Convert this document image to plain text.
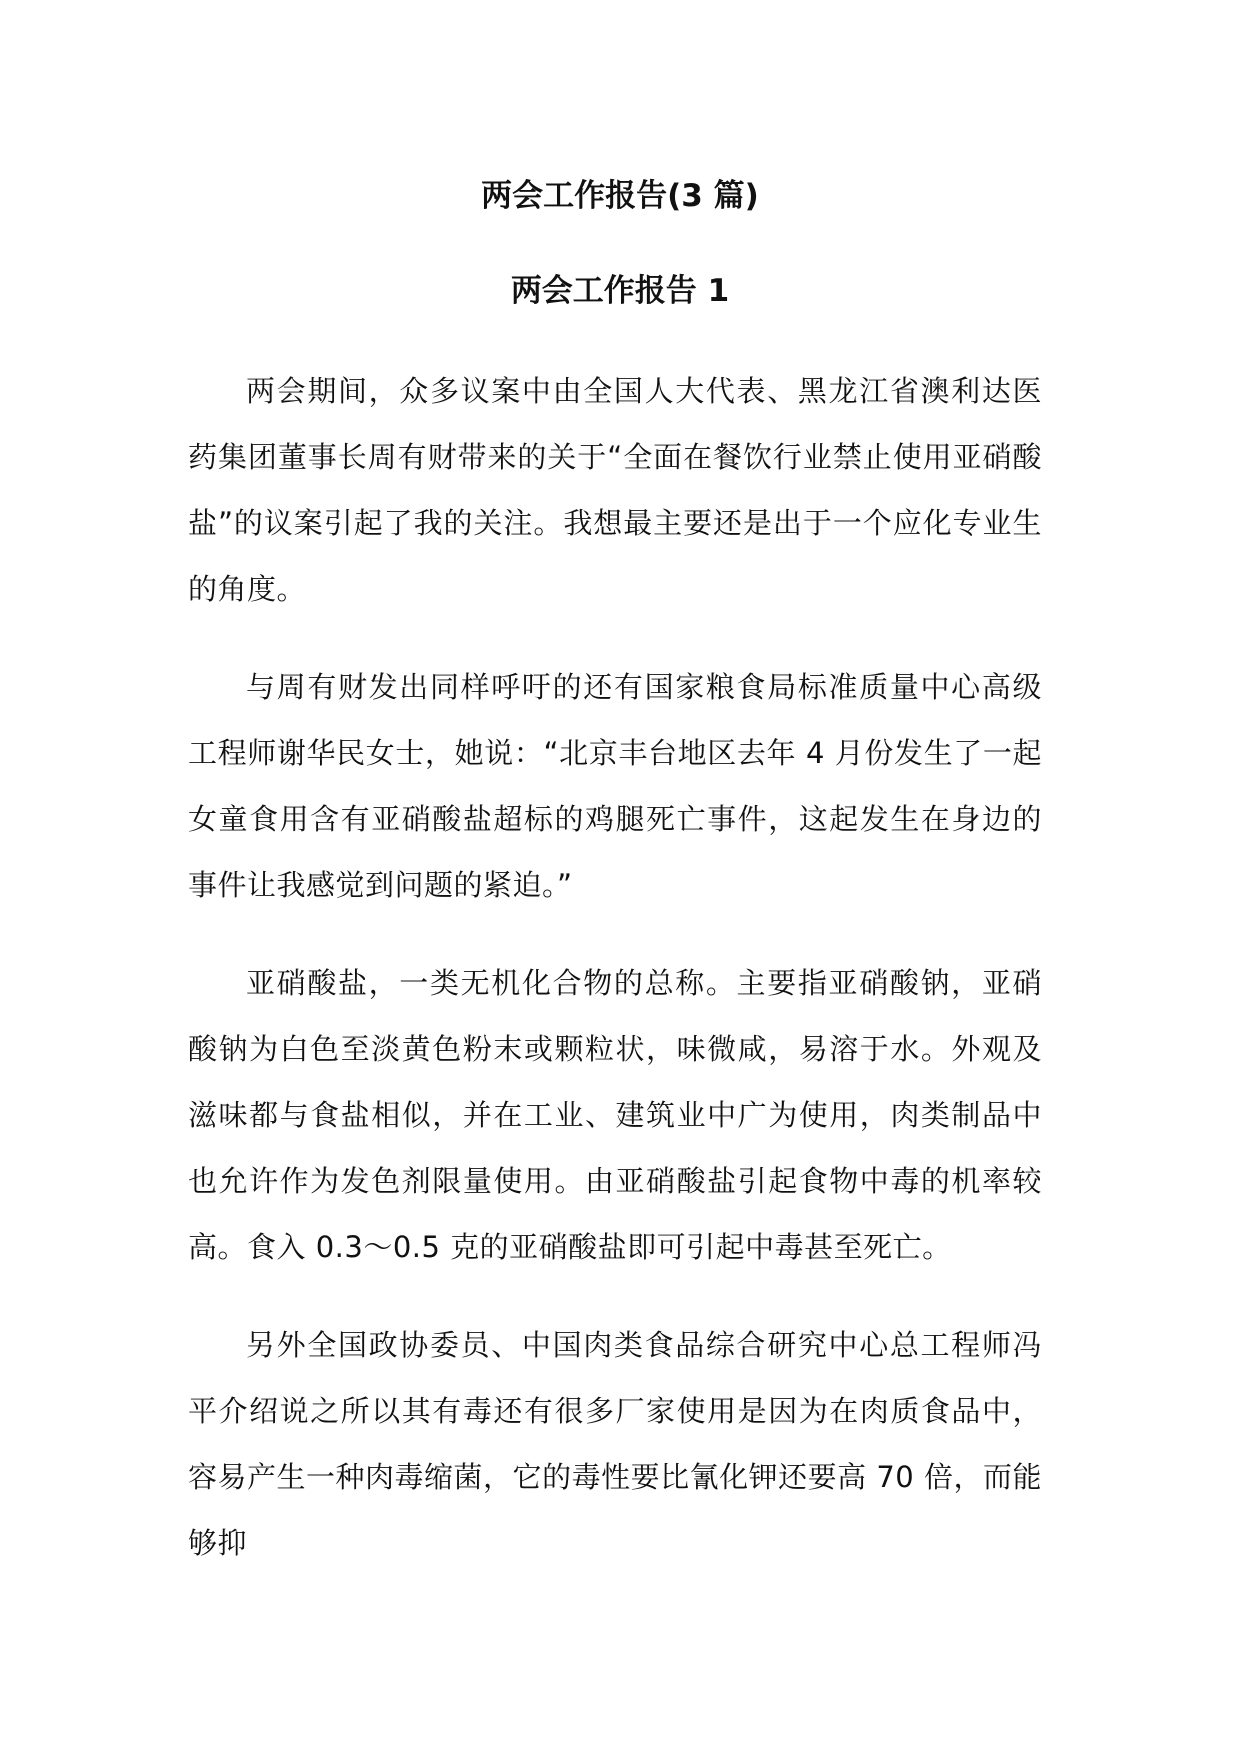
两会工作报告(3 篇)
两会工作报告 1

两会期间，众多议案中由全国人大代表、黑龙江省澳利达医药集团董事长周有财带来的关于“全面在餐饮行业禁止使用亚硝酸盐”的议案引起了我的关注。我想最主要还是出于一个应化专业生的角度。

与周有财发出同样呼吁的还有国家粮食局标准质量中心高级工程师谢华民女士，她说：“北京丰台地区去年 4 月份发生了一起女童食用含有亚硝酸盐超标的鸡腿死亡事件，这起发生在身边的事件让我感觉到问题的紧迫。”

亚硝酸盐，一类无机化合物的总称。主要指亚硝酸钠，亚硝酸钠为白色至淡黄色粉末或颗粒状，味微咸，易溶于水。外观及滋味都与食盐相似，并在工业、建筑业中广为使用，肉类制品中也允许作为发色剂限量使用。由亚硝酸盐引起食物中毒的机率较高。食入 0.3～0.5 克的亚硝酸盐即可引起中毒甚至死亡。

另外全国政协委员、中国肉类食品综合研究中心总工程师冯平介绍说之所以其有毒还有很多厂家使用是因为在肉质食品中，容易产生一种肉毒缩菌，它的毒性要比氰化钾还要高 70 倍，而能够抑
